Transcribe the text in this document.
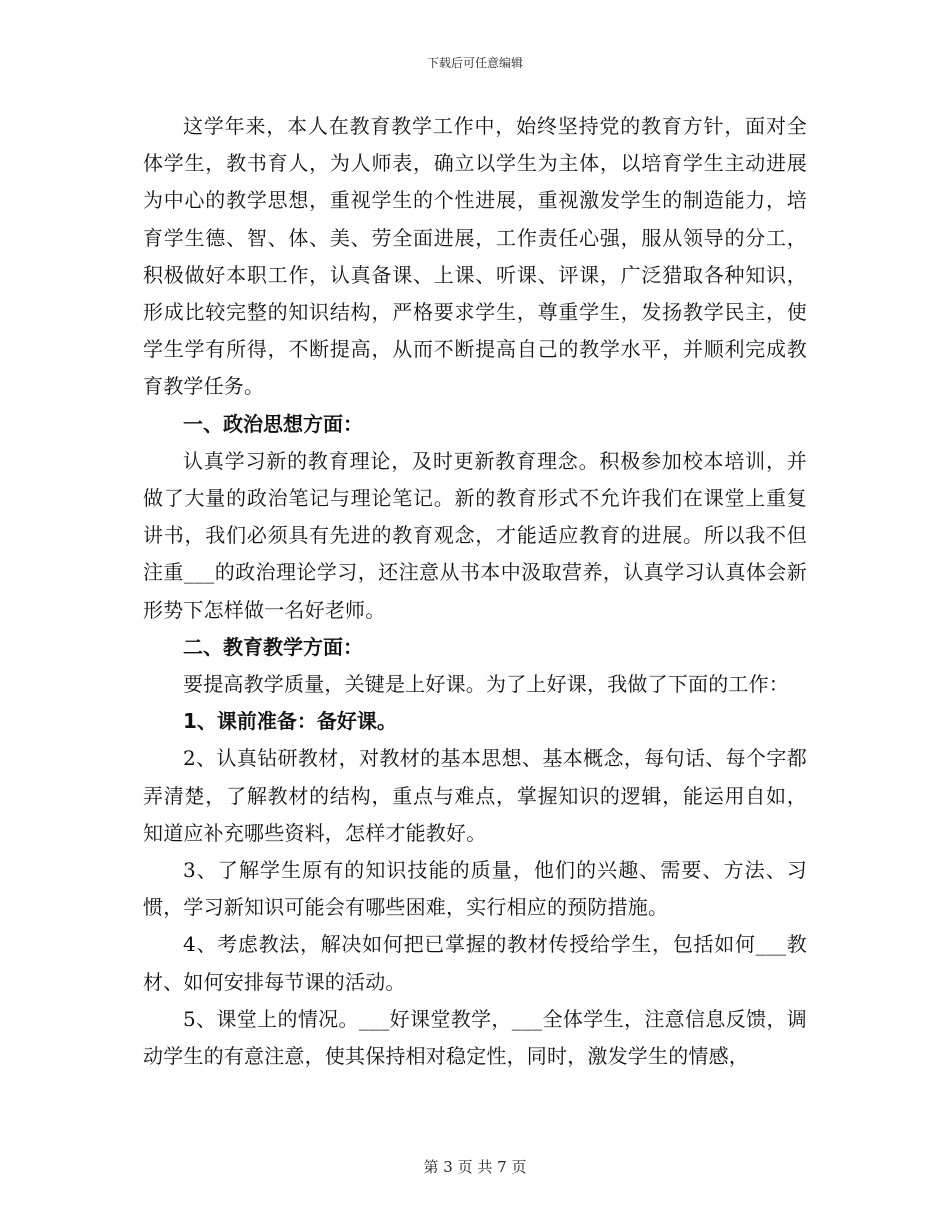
下载后可任意编辑

这学年来，本人在教育教学工作中，始终坚持党的教育方针，面对全体学生，教书育人，为人师表，确立以学生为主体，以培育学生主动进展为中心的教学思想，重视学生的个性进展，重视激发学生的制造能力，培育学生德、智、体、美、劳全面进展，工作责任心强，服从领导的分工，积极做好本职工作，认真备课、上课、听课、评课，广泛猎取各种知识，形成比较完整的知识结构，严格要求学生，尊重学生，发扬教学民主，使学生学有所得，不断提高，从而不断提高自己的教学水平，并顺利完成教育教学任务。

一、政治思想方面：

认真学习新的教育理论，及时更新教育理念。积极参加校本培训，并做了大量的政治笔记与理论笔记。新的教育形式不允许我们在课堂上重复讲书，我们必须具有先进的教育观念，才能适应教育的进展。所以我不但注重___的政治理论学习，还注意从书本中汲取营养，认真学习认真体会新形势下怎样做一名好老师。

二、教育教学方面：

要提高教学质量，关键是上好课。为了上好课，我做了下面的工作：

1、课前准备：备好课。

2、认真钻研教材，对教材的基本思想、基本概念，每句话、每个字都弄清楚，了解教材的结构，重点与难点，掌握知识的逻辑，能运用自如，知道应补充哪些资料，怎样才能教好。

3、了解学生原有的知识技能的质量，他们的兴趣、需要、方法、习惯，学习新知识可能会有哪些困难，实行相应的预防措施。

4、考虑教法，解决如何把已掌握的教材传授给学生，包括如何___教材、如何安排每节课的活动。

5、课堂上的情况。___好课堂教学，___全体学生，注意信息反馈，调动学生的有意注意，使其保持相对稳定性，同时，激发学生的情感，

第 3 页 共 7 页
